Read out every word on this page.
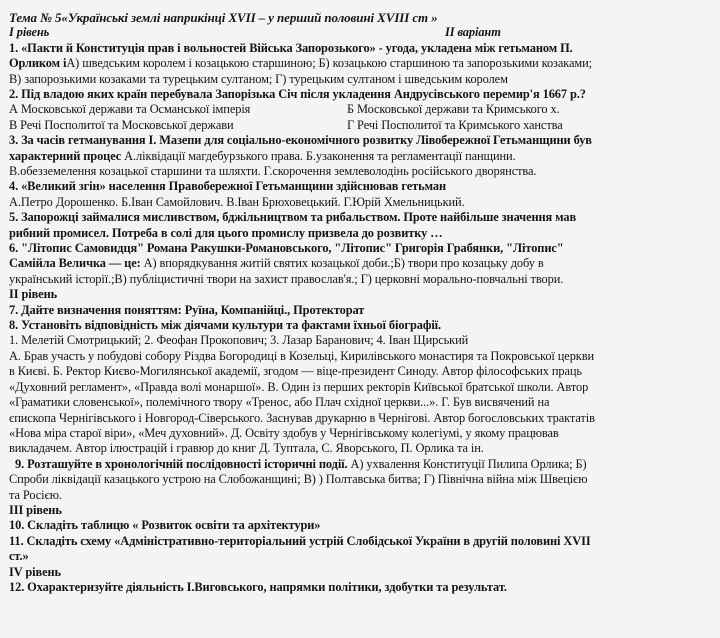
Тема № 5«Українські землі наприкінці XVII – у перший половині XVIII ст »
І рівень	ІІ варіант
1. «Пакти й Конституція прав і вольностей Війська Запорозького» - угода, укладена між гетьманом П.
Орликом іА) шведським королем і козацькою старшиною; Б) козацькою старшиною та запорозькими козаками;
В) запорозькими козаками та турецьким султаном; Г) турецьким султаном і шведським королем
2. Під владою яких країн перебувала Запорізька Січ після укладення Андрусівського перемир'я 1667 р.?
А Московської держави та Османської імперія	Б Московської держави та Кримського х.
В Речі Посполитої та Московської держави	Г Речі Посполитої та Кримського ханства
3. За часів гетманування І. Мазепи для соціально-економічного розвитку Лівобережної Гетьманщини був
характерний процес А.ліквідації магдебурзького права. Б.узаконення та регламентації панщини.
В.обезземелення козацької старшини та шляхти. Г.скорочення землеволодінь російського дворянства.
4. «Великий згін» населення Правобережної Гетьманщини здійснював гетьман
А.Петро Дорошенко. Б.Іван Самойлович. В.Іван Брюховецький. Г.Юрій Хмельницький.
5. Запорожці займалися мисливством, бджільництвом та рибальством. Проте найбільше значення мав
рибний промисел. Потреба в солі для цього промислу призвела до розвитку …
6. "Літопис Самовидця" Романа Ракушки-Романовського, "Літопис" Григорія Грабянки, "Літопис"
Самійла Величка — це: А) впорядкування житій святих козацької доби.;Б) твори про козацьку добу в
український історії.;В) публіцистичні твори на захист православ'я.; Г) церковні морально-повчальні твори.
ІІ рівень
7. Дайте визначення поняттям: Руїна, Компанійці., Протекторат
8. Установіть відповідність між діячами культури та фактами їхньої біографії.
1. Мелетій Смотрицький; 2. Феофан Прокопович; 3. Лазар Баранович; 4. Іван Щирський
А. Брав участь у побудові собору Різдва Богородиці в Козельці, Кирилівського монастиря та Покровської церкви
в Києві. Б. Ректор Києво-Могилянської академії, згодом — віце-президент Синоду. Автор філософських праць
«Духовний регламент», «Правда волі монаршої». В. Один із перших ректорів Київської братської школи. Автор
«Граматики словенської», полемічного твору «Тренос, або Плач східної церкви...». Г. Був висвячений на
єпископа Чернігівського і Новгород-Сіверського. Заснував друкарню в Чернігові. Автор богословських трактатів
«Нова міра старої віри», «Меч духовний». Д. Освіту здобув у Чернігівському колегіумі, у якому працював
викладачем. Автор ілюстрацій і гравюр до книг Д. Туптала, С. Яворського, П. Орлика та ін.
9. Розташуйте в хронологічній послідовності історичні події. А) ухвалення Конституції Пилипа Орлика; Б)
Спроби ліквідації казацького устрою на Слобожанщині; В) ) Полтавська битва; Г) Північна війна між Швецією
та Росією.
ІІІ рівень
10. Складіть таблицю « Розвиток освіти та архітектури»
11. Складіть схему «Адміністративно-територіальний устрій Слобідської України в другій половині XVII
ст.»
IV рівень
12. Охарактеризуйте діяльність І.Виговського, напрямки політики, здобутки та результат.
